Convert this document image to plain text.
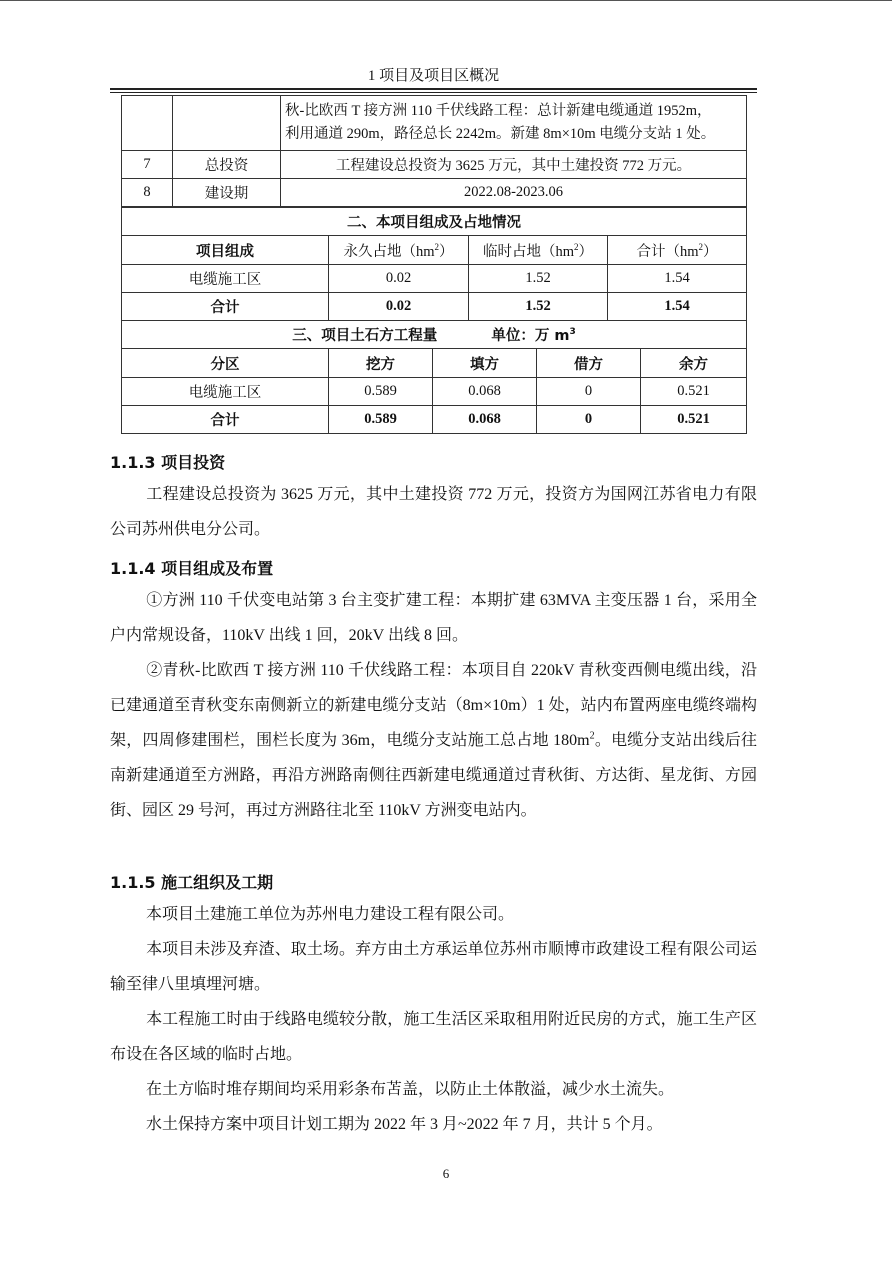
1 项目及项目区概况
		秋-比欧西 T 接方洲 110 千伏线路工程：总计新建电缆通道 1952m，
利用通道 290m，路径总长 2242m。新建 8m×10m 电缆分支站 1 处。
7	总投资	工程建设总投资为 3625 万元，其中土建投资 772 万元。
8	建设期	2022.08-2023.06
二、本项目组成及占地情况			
项目组成	永久占地$(hm^2)$	临时占地$(hm^2)$	合计$(hm^2)$
电缆施工区	0.02	1.52	1.54
合计	0.02	1.52	1.54
三、项目土石方工程量 单位：万 $m^3$
分区	挖方	填方	借方	余方
电缆施工区	0.589	0.068	0	0.521
合计	0.589	0.068	0	0.521
1.1.3 项目投资
工程建设总投资为 3625 万元，其中土建投资 772 万元，投资方为国网江苏省电力有限公司苏州供电分公司。
1.1.4 项目组成及布置
①方洲 110 千伏变电站第 3 台主变扩建工程：本期扩建 63MVA 主变压器 1 台，采用全户内常规设备，110kV 出线 1 回，20kV 出线 8 回。
②青秋-比欧西 T 接方洲 110 千伏线路工程：本项目自 220kV 青秋变西侧电缆出线，沿已建通道至青秋变东南侧新立的新建电缆分支站（8m×10m）1 处，站内布置两座电缆终端构架，四周修建围栏，围栏长度为 36m，电缆分支站施工总占地 $180m^2$。电缆分支站出线后往南新建通道至方洲路，再沿方洲路南侧往西新建电缆通道过青秋街、方达街、星龙街、方园街、园区 29 号河，再过方洲路往北至 110kV 方洲变电站内。
1.1.5 施工组织及工期
本项目土建施工单位为苏州电力建设工程有限公司。
本项目未涉及弃渣、取土场。弃方由土方承运单位苏州市顺博市政建设工程有限公司运输至律八里填埋河塘。
本工程施工时由于线路电缆较分散，施工生活区采取租用附近民房的方式，施工生产区布设在各区域的临时占地。
在土方临时堆存期间均采用彩条布苫盖，以防止土体散溢，减少水土流失。
水土保持方案中项目计划工期为 2022 年 3 月~2022 年 7 月，共计 5 个月。
6
